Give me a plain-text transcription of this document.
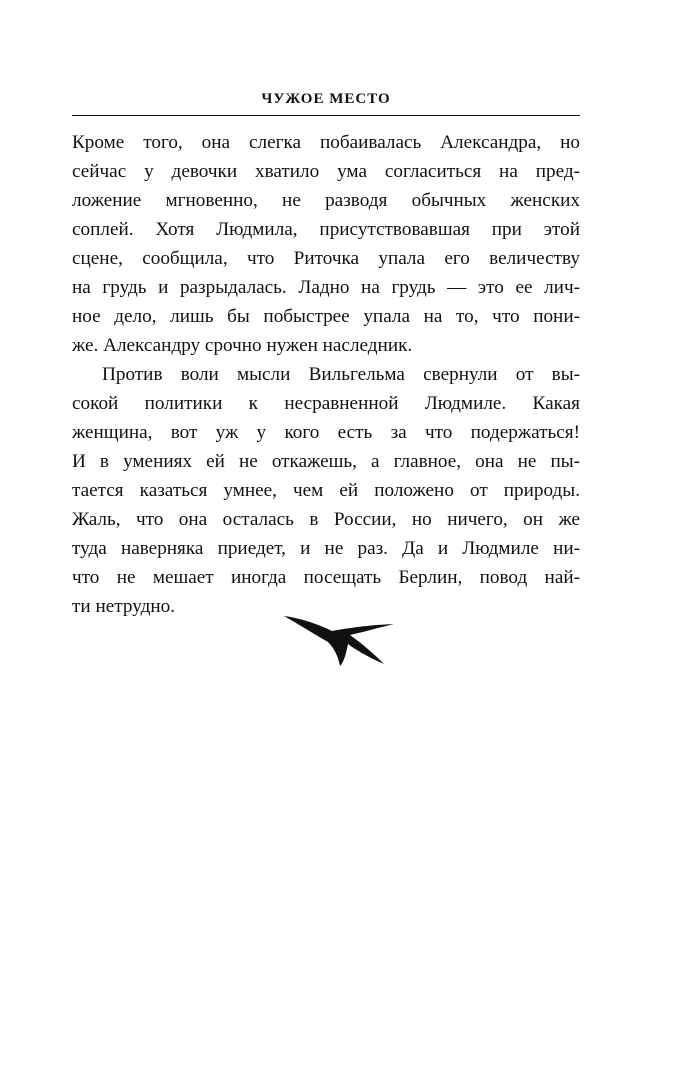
ЧУЖОЕ МЕСТО
Кроме того, она слегка побаивалась Александра, но
сейчас у девочки хватило ума согласиться на пред-
ложение мгновенно, не разводя обычных женских
соплей. Хотя Людмила, присутствовавшая при этой
сцене, сообщила, что Риточка упала его величеству
на грудь и разрыдалась. Ладно на грудь — это ее лич-
ное дело, лишь бы побыстрее упала на то, что пони-
же. Александру срочно нужен наследник.
Против воли мысли Вильгельма свернули от вы-
сокой политики к несравненной Людмиле. Какая
женщина, вот уж у кого есть за что подержаться!
И в умениях ей не откажешь, а главное, она не пы-
тается казаться умнее, чем ей положено от природы.
Жаль, что она осталась в России, но ничего, он же
туда наверняка приедет, и не раз. Да и Людмиле ни-
что не мешает иногда посещать Берлин, повод най-
ти нетрудно.
